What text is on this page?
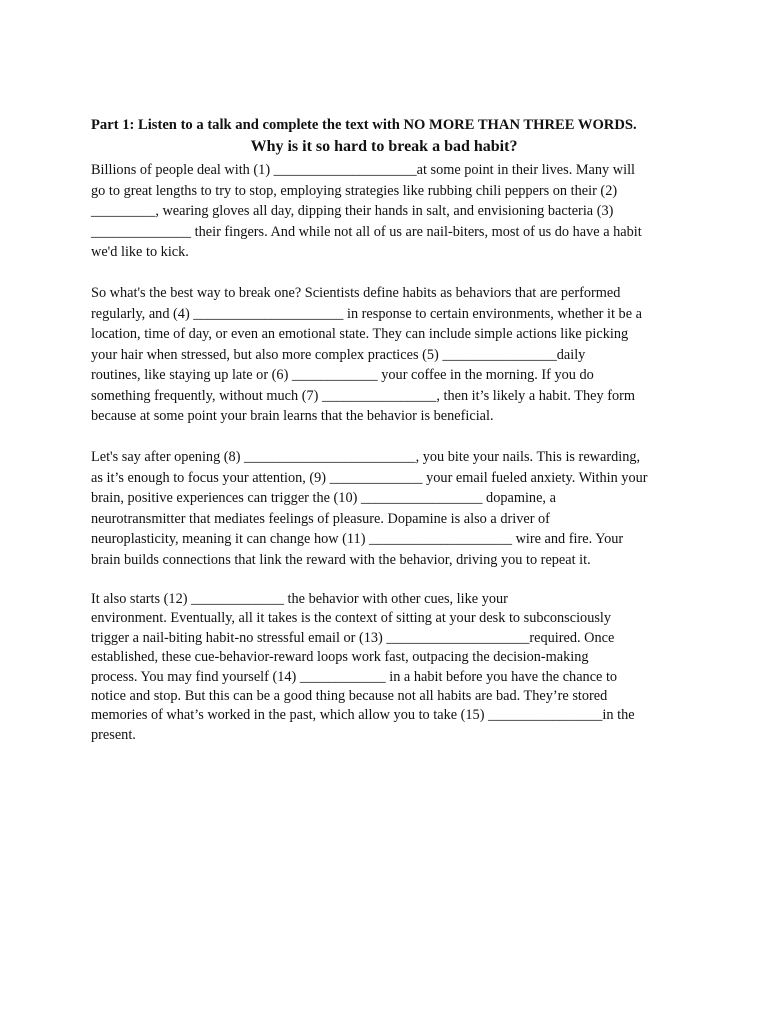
Part 1: Listen to a talk and complete the text with NO MORE THAN THREE WORDS.
Why is it so hard to break a bad habit?
Billions of people deal with (1) ____________________at some point in their lives. Many will
go to great lengths to try to stop, employing strategies like rubbing chili peppers on their (2)
_________, wearing gloves all day, dipping their hands in salt, and envisioning bacteria (3)
______________ their fingers. And while not all of us are nail-biters, most of us do have a habit
we'd like to kick.
So what's the best way to break one? Scientists define habits as behaviors that are performed
regularly, and (4) _____________________ in response to certain environments, whether it be a
location, time of day, or even an emotional state. They can include simple actions like picking
your hair when stressed, but also more complex practices (5) ________________daily
routines, like staying up late or (6) ____________ your coffee in the morning. If you do
something frequently, without much (7) ________________, then it’s likely a habit. They form
because at some point your brain learns that the behavior is beneficial.
Let's say after opening (8) ________________________, you bite your nails. This is rewarding,
as it’s enough to focus your attention, (9) _____________ your email fueled anxiety. Within your
brain, positive experiences can trigger the (10) _________________ dopamine, a
neurotransmitter that mediates feelings of pleasure. Dopamine is also a driver of
neuroplasticity, meaning it can change how (11) ____________________ wire and fire. Your
brain builds connections that link the reward with the behavior, driving you to repeat it.
It also starts (12) _____________ the behavior with other cues, like your
environment. Eventually, all it takes is the context of sitting at your desk to subconsciously
trigger a nail-biting habit-no stressful email or (13) ____________________required. Once
established, these cue-behavior-reward loops work fast, outpacing the decision-making
process. You may find yourself (14) ____________ in a habit before you have the chance to
notice and stop. But this can be a good thing because not all habits are bad. They’re stored
memories of what’s worked in the past, which allow you to take (15) ________________in the
present.
